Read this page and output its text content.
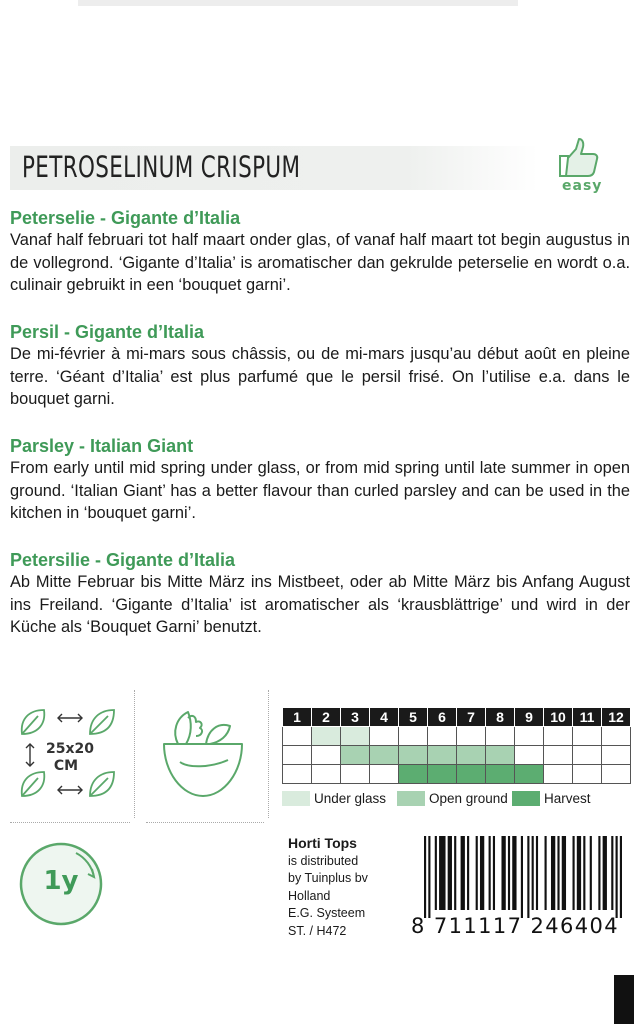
PETROSELINUM CRISPUM
easy
Peterselie - Gigante d’Italia

Vanaf half februari tot half maart onder glas, of vanaf half maart tot begin augustus in de vollegrond. ‘Gigante d’Italia’ is aromatischer dan gekrulde peterselie en wordt o.a. culinair gebruikt in een ‘bouquet garni’.

Persil - Gigante d’Italia

De mi-février à mi-mars sous châssis, ou de mi-mars jusqu’au début août en pleine terre. ‘Géant d’Italia’ est plus parfumé que le persil frisé. On l’utilise e.a. dans le bouquet garni.

Parsley - Italian Giant

From early until mid spring under glass, or from mid spring until late summer in open ground. ‘Italian Giant’ has a better flavour than curled parsley and can be used in the kitchen in ‘bouquet garni’.

Petersilie - Gigante d’Italia

Ab Mitte Februar bis Mitte März ins Mistbeet, oder ab Mitte März bis Anfang August ins Freiland. ‘Gigante d’Italia’ ist aromatischer als ‘krausblättrige’ und wird in der Küche als ‘Bouquet Garni’ benutzt.

25x20
CM
1	2	3	4	5	6	7	8	9	10	11	12

Under glass	Open ground	Harvest
1y
Horti Tops
is distributed
by Tuinplus bv
Holland
E.G. Systeem
ST. / H472	8 711117 246404
